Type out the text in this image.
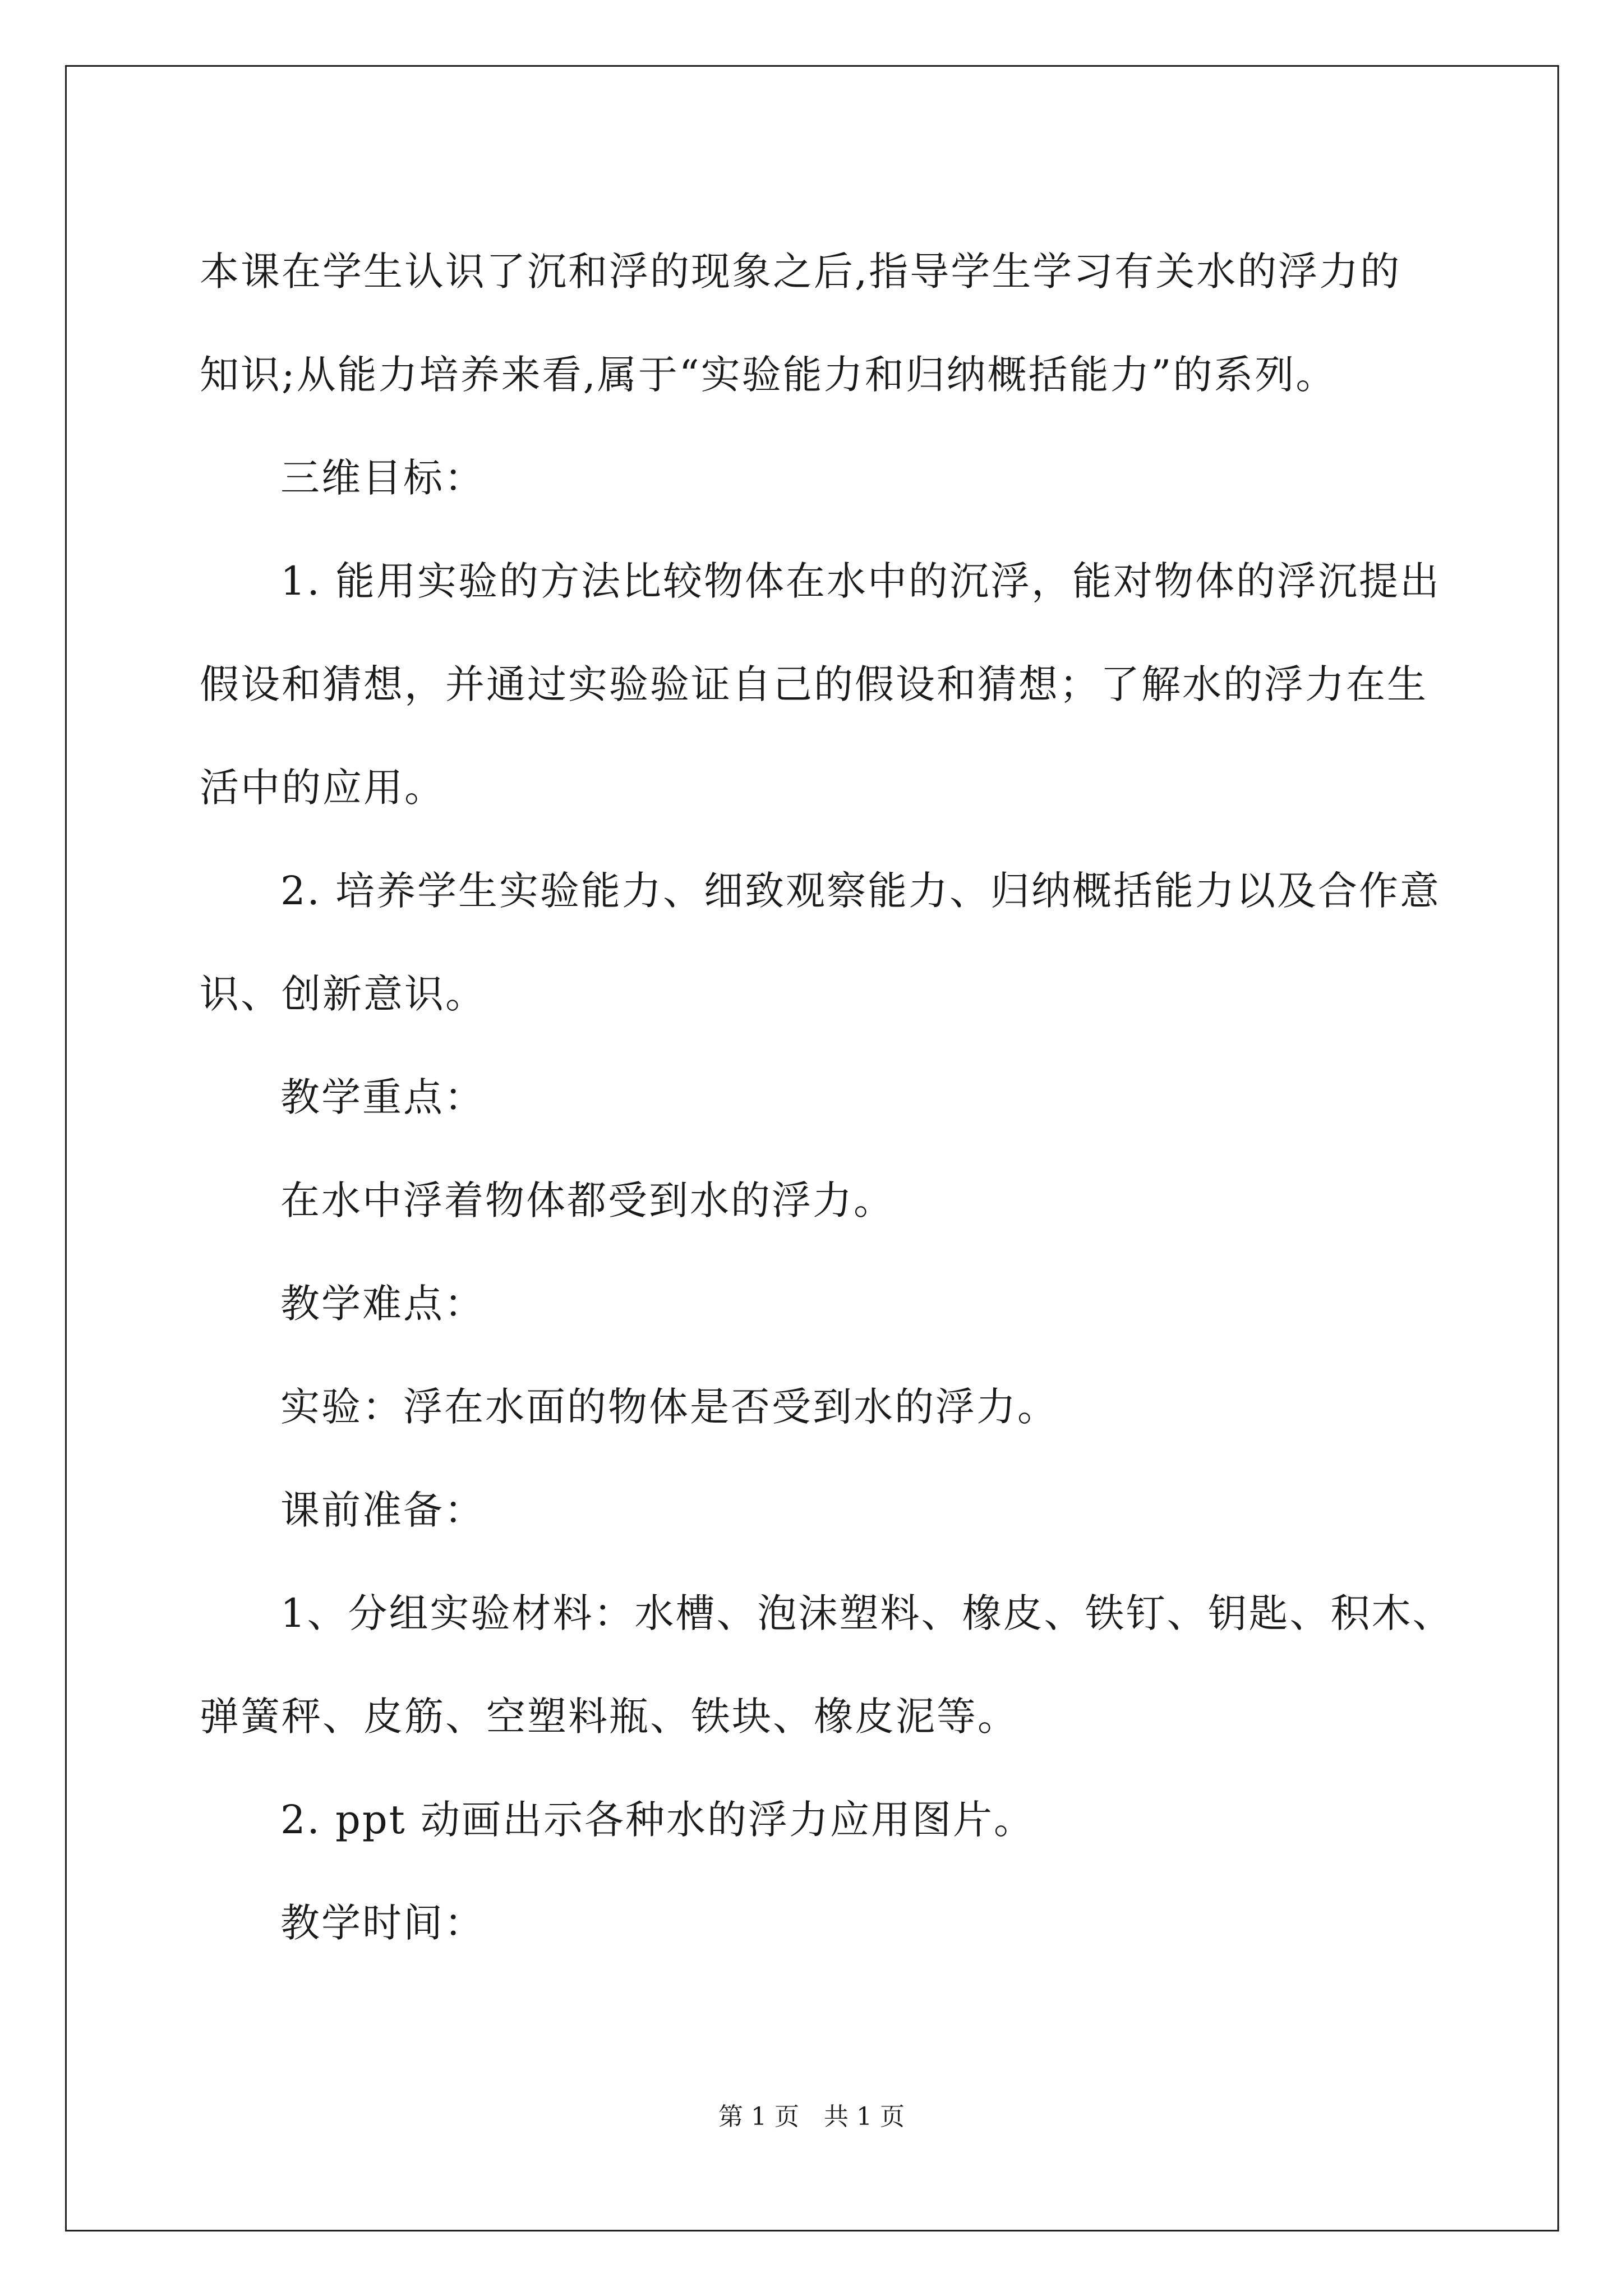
本课在学生认识了沉和浮的现象之后,指导学生学习有关水的浮力的

知识;从能力培养来看,属于“实验能力和归纳概括能力”的系列。

三维目标：

1. 能用实验的方法比较物体在水中的沉浮，能对物体的浮沉提出

假设和猜想，并通过实验验证自己的假设和猜想；了解水的浮力在生

活中的应用。

2. 培养学生实验能力、细致观察能力、归纳概括能力以及合作意

识、创新意识。

教学重点：

在水中浮着物体都受到水的浮力。

教学难点：

实验：浮在水面的物体是否受到水的浮力。

课前准备：

1、分组实验材料：水槽、泡沫塑料、橡皮、铁钉、钥匙、积木、

弹簧秤、皮筋、空塑料瓶、铁块、橡皮泥等。

2. ppt 动画出示各种水的浮力应用图片。

教学时间：

第 1 页 共 1 页
